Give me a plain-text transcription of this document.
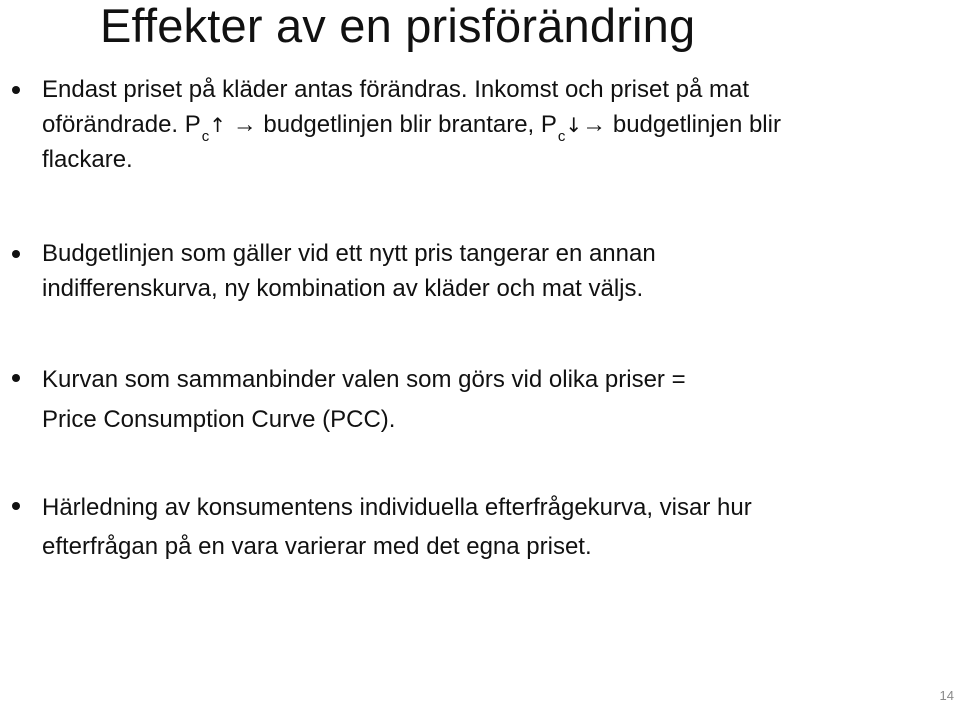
Effekter av en prisförändring
Endast priset på kläder antas förändras. Inkomst och priset på mat
oförändrade. $P_c↑$ → budgetlinjen blir brantare, $P_c↓\to$ budgetlinjen blir
flackare.
Budgetlinjen som gäller vid ett nytt pris tangerar en annan
indifferenskurva, ny kombination av kläder och mat väljs.
Kurvan som sammanbinder valen som görs vid olika priser =
Price Consumption Curve (PCC).
Härledning av konsumentens individuella efterfrågekurva, visar hur
efterfrågan på en vara varierar med det egna priset.
14
